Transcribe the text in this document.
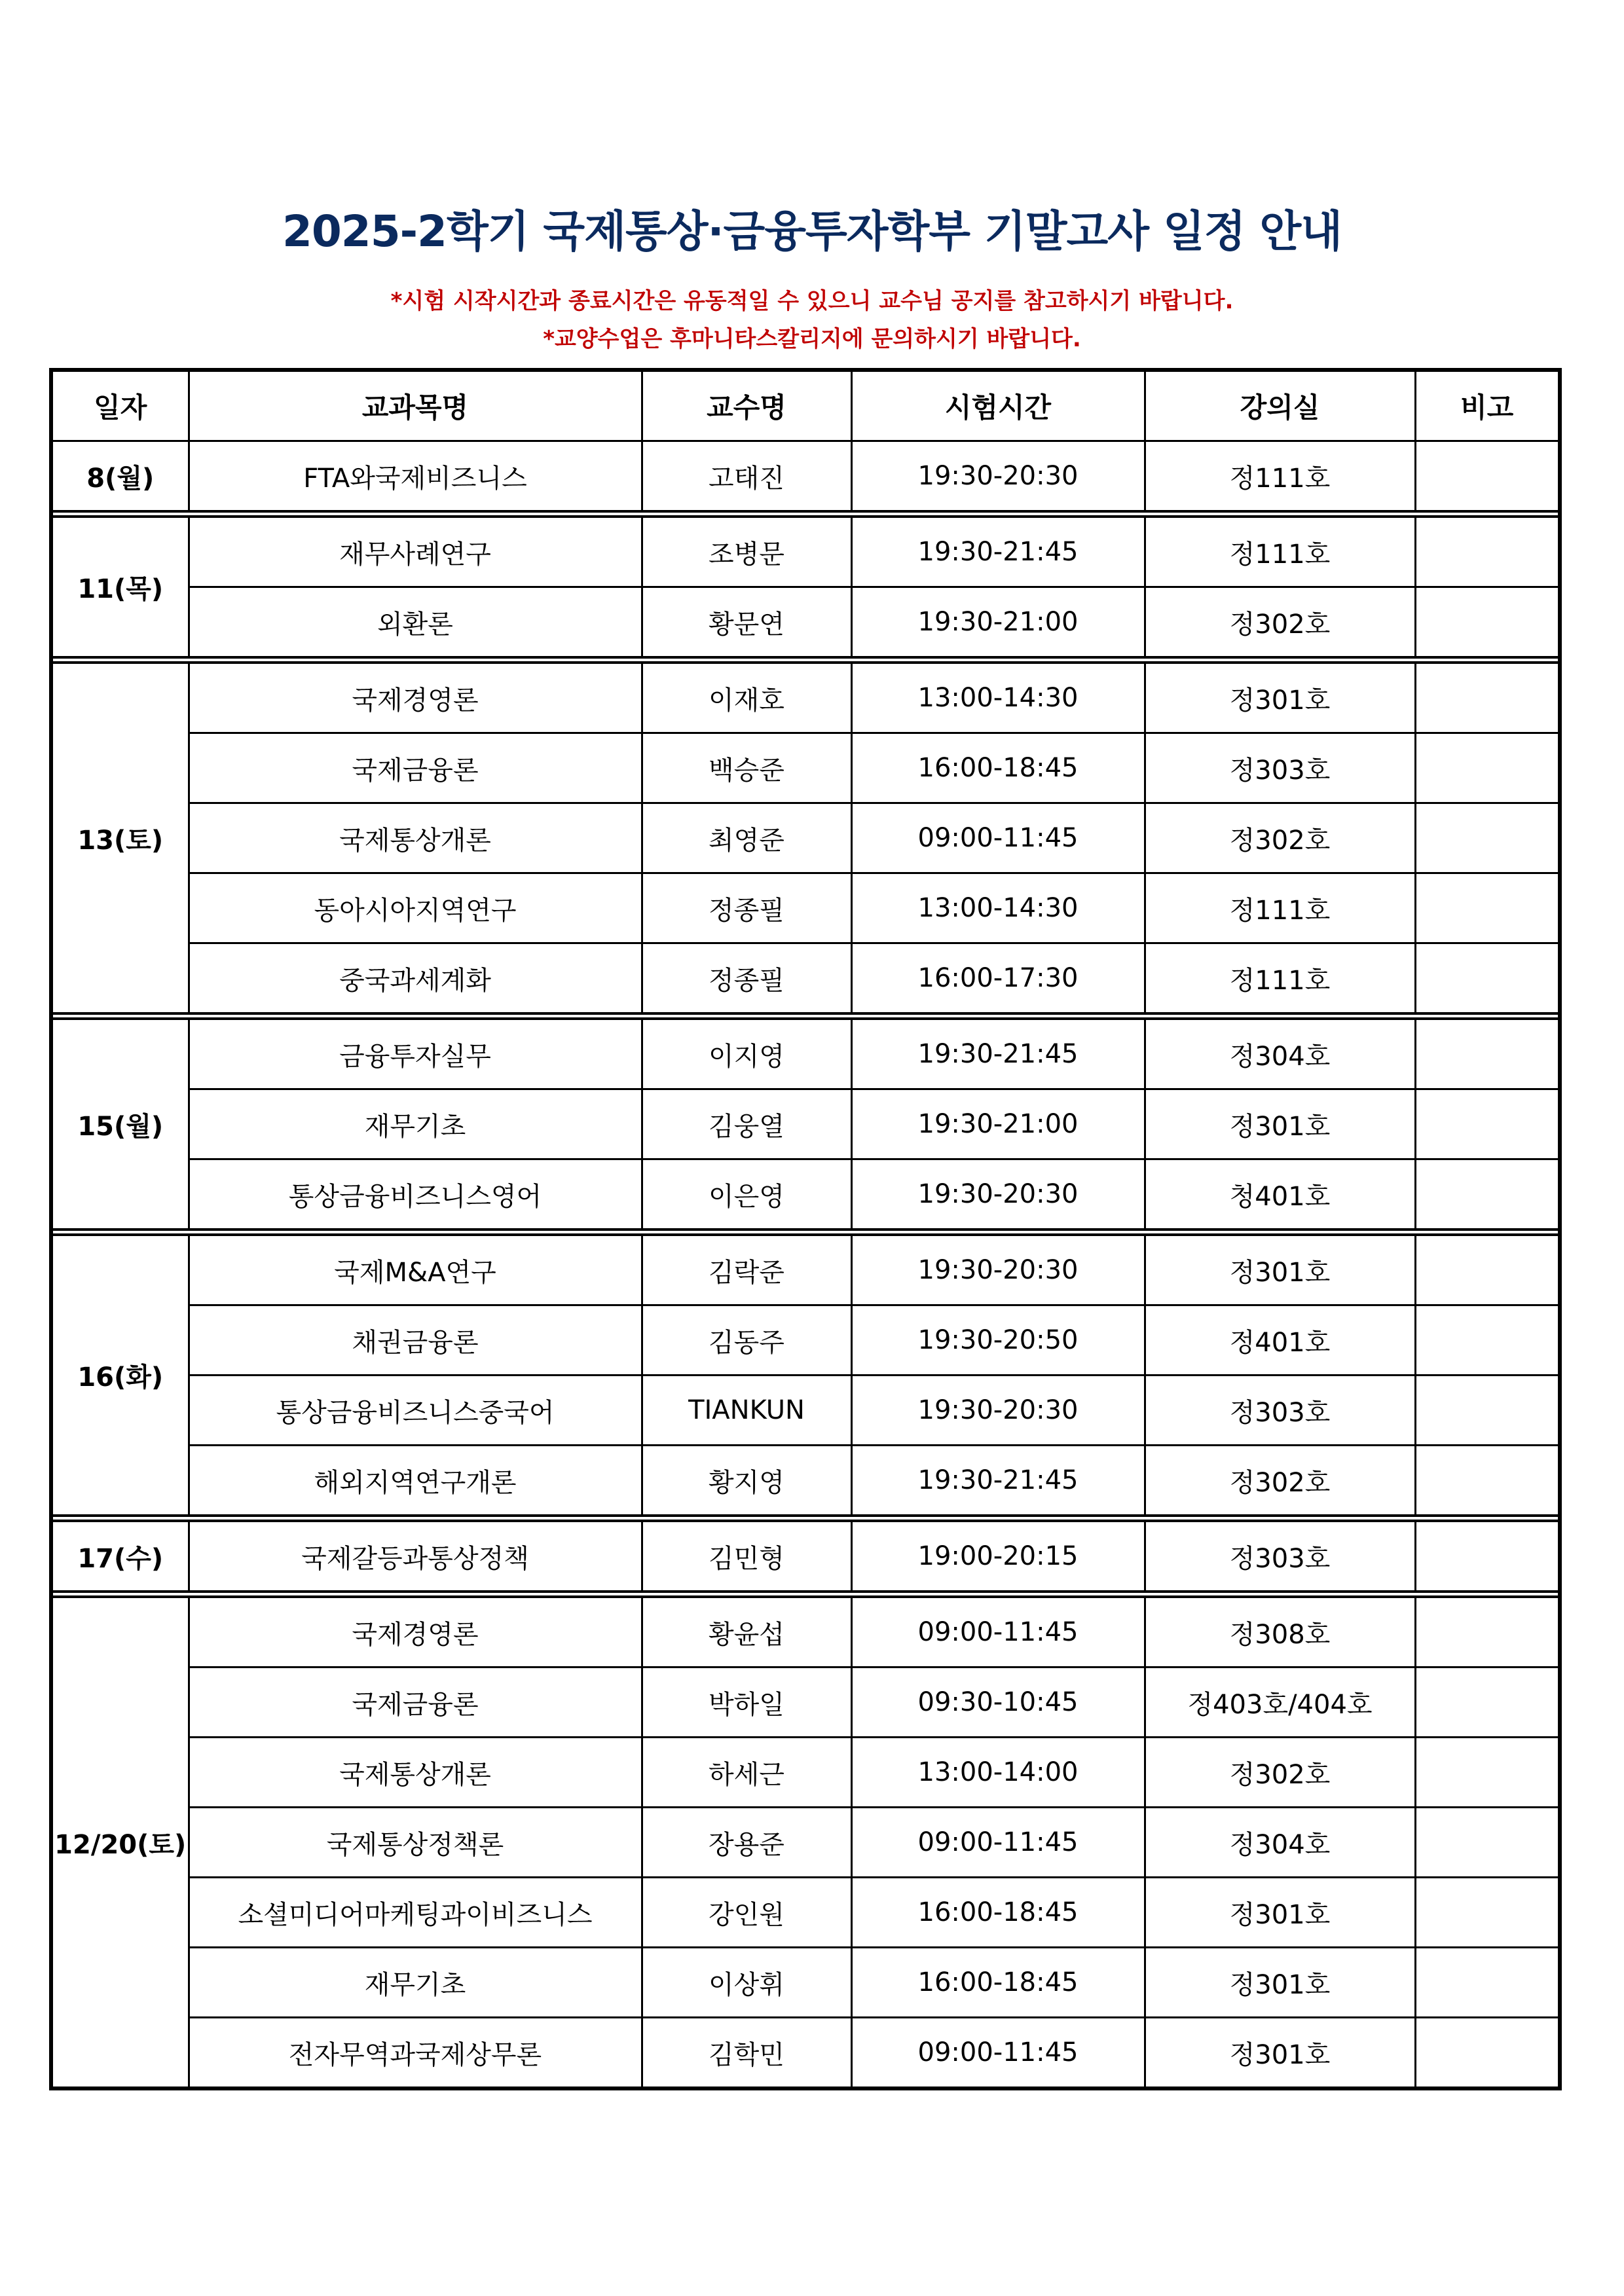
2025-2학기 국제통상·금융투자학부 기말고사 일정 안내
*시험 시작시간과 종료시간은 유동적일 수 있으니 교수님 공지를 참고하시기 바랍니다.
*교양수업은 후마니타스칼리지에 문의하시기 바랍니다.
일자	교과목명	교수명	시험시간	강의실	비고
8(월)	FTA와국제비즈니스	고태진	19:30-20:30	정111호	
11(목)	재무사례연구	조병문	19:30-21:45	정111호	
	외환론	황문연	19:30-21:00	정302호	
13(토)	국제경영론	이재호	13:00-14:30	정301호	
	국제금융론	백승준	16:00-18:45	정303호	
	국제통상개론	최영준	09:00-11:45	정302호	
	동아시아지역연구	정종필	13:00-14:30	정111호	
	중국과세계화	정종필	16:00-17:30	정111호	
15(월)	금융투자실무	이지영	19:30-21:45	정304호	
	재무기초	김웅열	19:30-21:00	정301호	
	통상금융비즈니스영어	이은영	19:30-20:30	청401호	
16(화)	국제M&A연구	김락준	19:30-20:30	정301호	
	채권금융론	김동주	19:30-20:50	정401호	
	통상금융비즈니스중국어	TIANKUN	19:30-20:30	정303호	
	해외지역연구개론	황지영	19:30-21:45	정302호	
17(수)	국제갈등과통상정책	김민형	19:00-20:15	정303호	
12/20(토)	국제경영론	황윤섭	09:00-11:45	정308호	
	국제금융론	박하일	09:30-10:45	정403호/404호	
	국제통상개론	하세근	13:00-14:00	정302호	
	국제통상정책론	장용준	09:00-11:45	정304호	
	소셜미디어마케팅과이비즈니스	강인원	16:00-18:45	정301호	
	재무기초	이상휘	16:00-18:45	정301호	
	전자무역과국제상무론	김학민	09:00-11:45	정301호	
